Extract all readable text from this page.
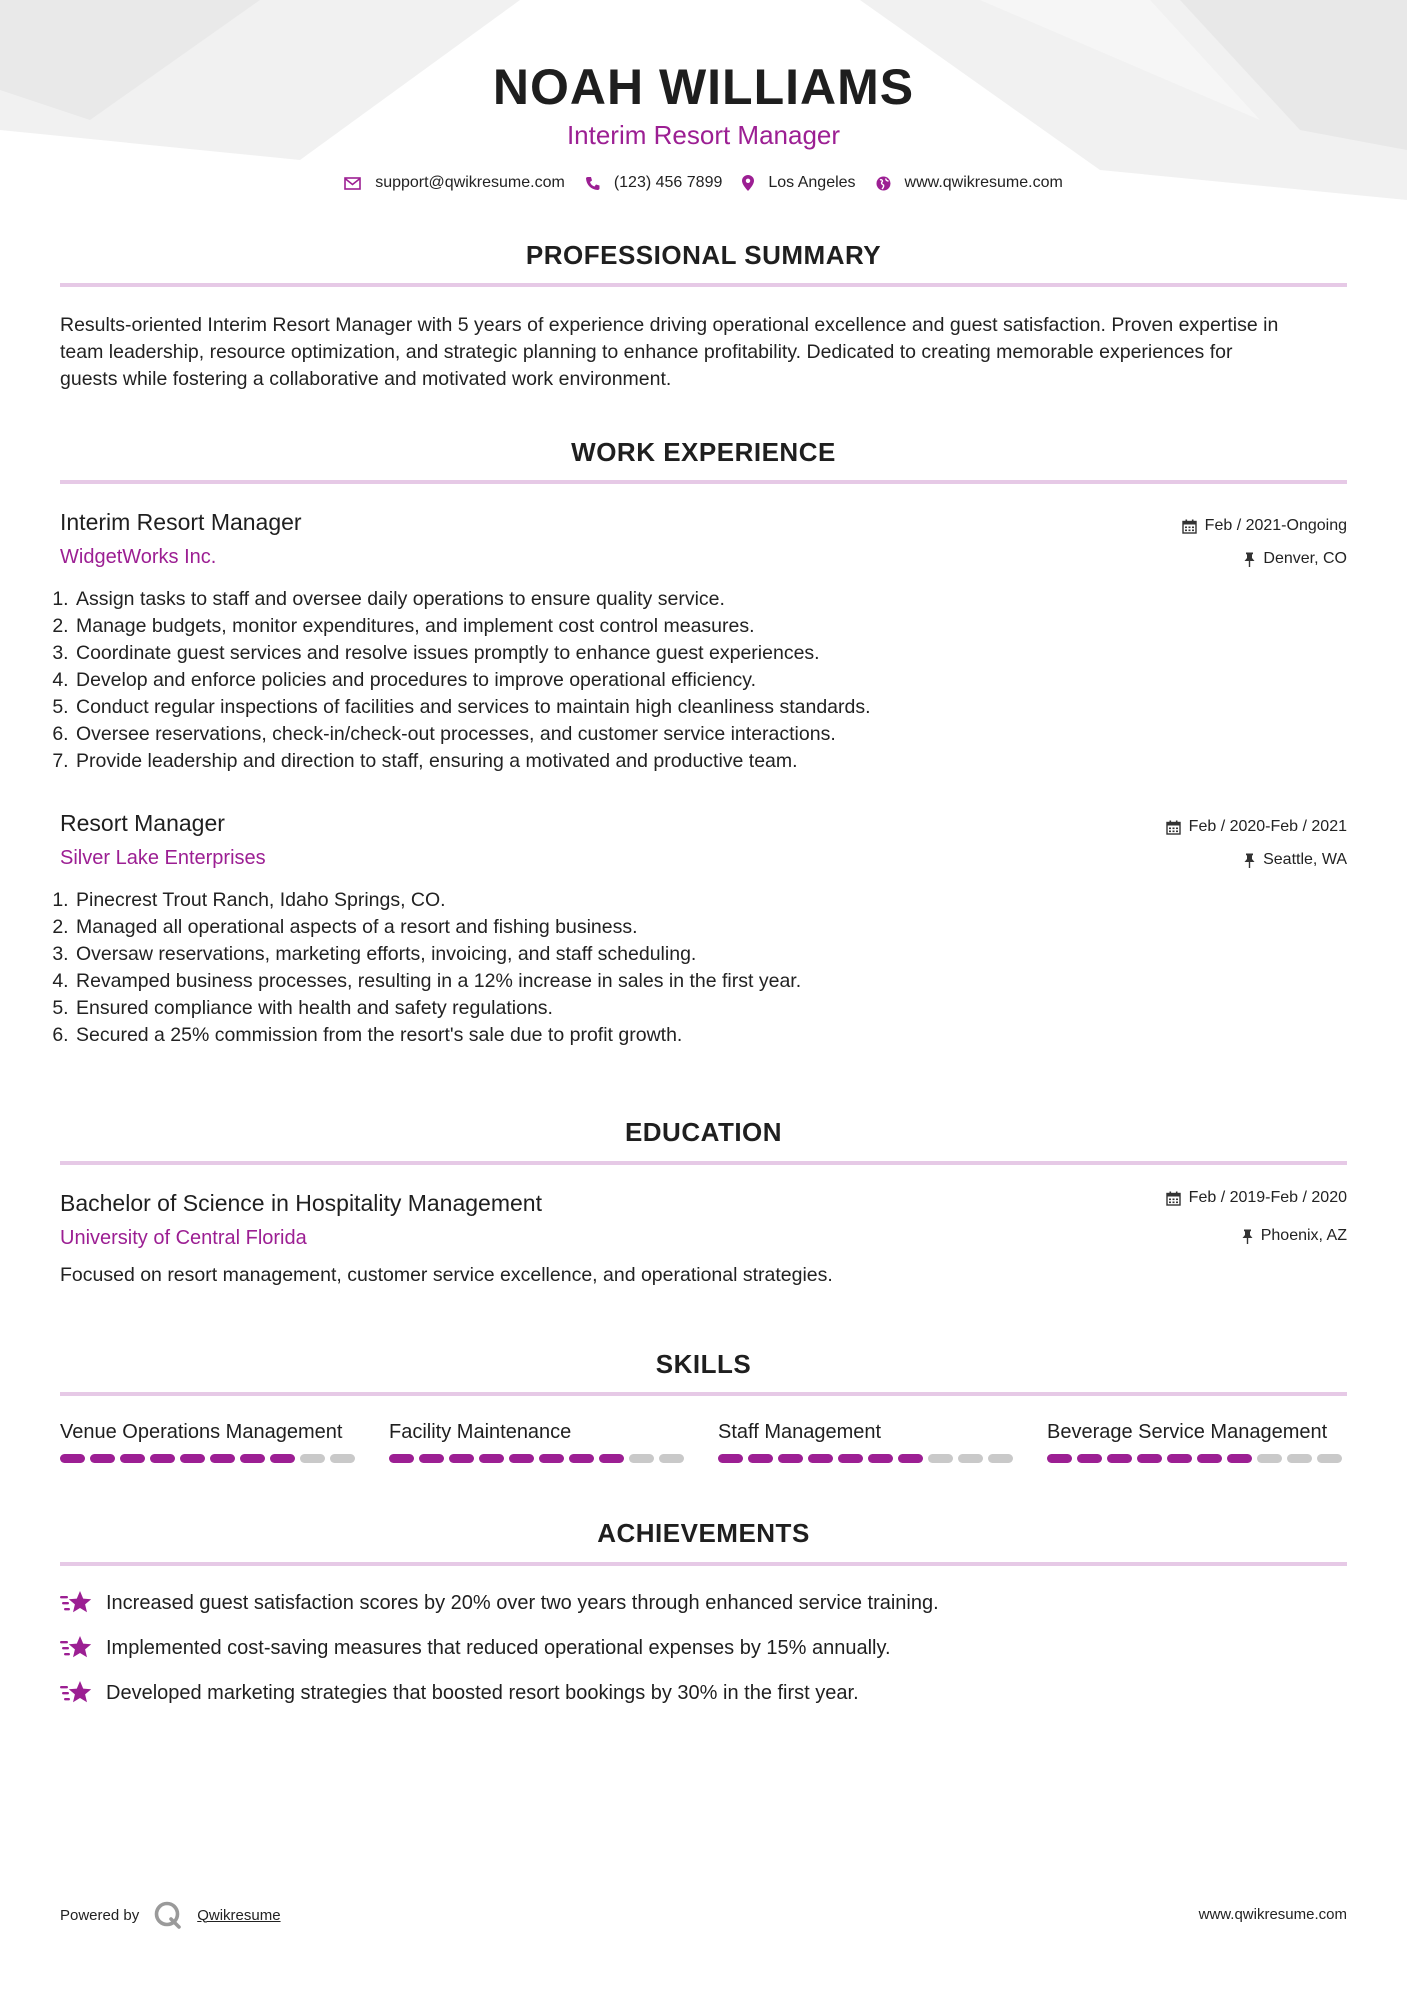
NOAH WILLIAMS
Interim Resort Manager
support@qwikresume.com	(123) 456 7899	Los Angeles	www.qwikresume.com
PROFESSIONAL SUMMARY
Results-oriented Interim Resort Manager with 5 years of experience driving operational excellence and guest satisfaction. Proven expertise in
team leadership, resource optimization, and strategic planning to enhance profitability. Dedicated to creating memorable experiences for
guests while fostering a collaborative and motivated work environment.
WORK EXPERIENCE
Interim Resort Manager
WidgetWorks Inc.
Feb / 2021-Ongoing
Denver, CO
1. Assign tasks to staff and oversee daily operations to ensure quality service.
2. Manage budgets, monitor expenditures, and implement cost control measures.
3. Coordinate guest services and resolve issues promptly to enhance guest experiences.
4. Develop and enforce policies and procedures to improve operational efficiency.
5. Conduct regular inspections of facilities and services to maintain high cleanliness standards.
6. Oversee reservations, check-in/check-out processes, and customer service interactions.
7. Provide leadership and direction to staff, ensuring a motivated and productive team.
Resort Manager
Silver Lake Enterprises
Feb / 2020-Feb / 2021
Seattle, WA
1. Pinecrest Trout Ranch, Idaho Springs, CO.
2. Managed all operational aspects of a resort and fishing business.
3. Oversaw reservations, marketing efforts, invoicing, and staff scheduling.
4. Revamped business processes, resulting in a 12% increase in sales in the first year.
5. Ensured compliance with health and safety regulations.
6. Secured a 25% commission from the resort's sale due to profit growth.
EDUCATION
Bachelor of Science in Hospitality Management
University of Central Florida
Feb / 2019-Feb / 2020
Phoenix, AZ
Focused on resort management, customer service excellence, and operational strategies.
SKILLS
Venue Operations Management	Facility Maintenance	Staff Management	Beverage Service Management
ACHIEVEMENTS
Increased guest satisfaction scores by 20% over two years through enhanced service training.
Implemented cost-saving measures that reduced operational expenses by 15% annually.
Developed marketing strategies that boosted resort bookings by 30% in the first year.
Powered by	Qwikresume	www.qwikresume.com
